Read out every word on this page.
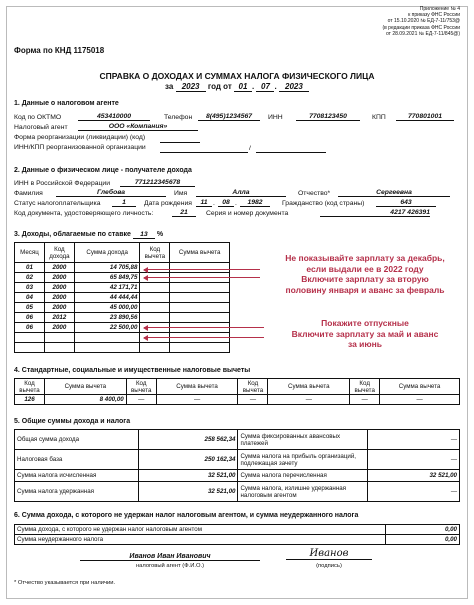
Приложение № 4
к приказу ФНС России
от 15.10.2020 № ЕД-7-11/753@
(в редакции приказа ФНС России
от 28.09.2021 № ЕД-7-11/845@)
Форма по КНД 1175018
СПРАВКА О ДОХОДАХ И СУММАХ НАЛОГА ФИЗИЧЕСКОГО ЛИЦА
за 2023 год от 01 . 07 . 2023
1. Данные о налоговом агенте
Код по ОКТМО	453410000	Телефон	8(495)1234567	ИНН	7708123450	КПП	770801001
Налоговый агент	ООО «Компания»
Форма реорганизации (ликвидации) (код)
ИНН/КПП реорганизованной организации	/
2. Данные о физическом лице - получателе дохода
ИНН в Российской Федерации	771212345678
Фамилия	Глебова	Имя	Алла	Отчество*	Сергеевна
Статус налогоплательщика	1	Дата рождения	11 .	08 .	1982	Гражданство (код страны)	643
Код документа, удостоверяющего личность:	21	Серия и номер документа	4217 426391
3. Доходы, облагаемые по ставке 13 %
Месяц	Код дохода	Сумма дохода	Код вычета	Сумма вычета
01	2000	14 705,88		
02	2000	65 849,75		
03	2000	42 171,71		
04	2000	44 444,44		
05	2000	45 000,00		
06	2012	23 890,56		
06	2000	22 500,00		

Не показывайте зарплату за декабрь,
если выдали ее в 2022 году
Включите зарплату за вторую
половину января и аванс за февраль
Покажите отпускные
Включите зарплату за май и аванс
за июнь
4. Стандартные, социальные и имущественные налоговые вычеты
Код вычета	Сумма вычета	Код вычета	Сумма вычета	Код вычета	Сумма вычета	Код вычета	Сумма вычета
126	8 400,00	—	—	—	—	—	—
5. Общие суммы дохода и налога
Общая сумма дохода	258 562,34	Сумма фиксированных авансовых платежей	—
Налоговая база	250 162,34	Сумма налога на прибыль организаций, подлежащая зачету	—
Сумма налога исчисленная	32 521,00	Сумма налога перечисленная	32 521,00
Сумма налога удержанная	32 521,00	Сумма налога, излишне удержанная налоговым агентом	—
6. Сумма дохода, с которого не удержан налог налоговым агентом, и сумма неудержанного налога
Сумма дохода, с которого не удержан налог налоговым агентом	0,00
Сумма неудержанного налога	0,00
Иванов Иван Иванович
налоговый агент (Ф.И.О.)
Иванов
(подпись)
* Отчество указывается при наличии.
